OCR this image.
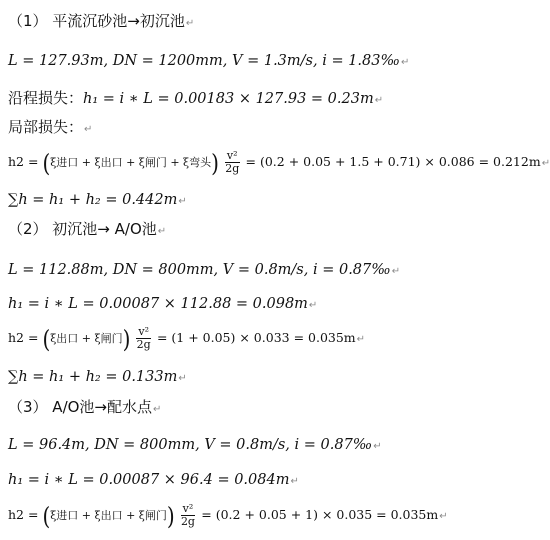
（1） 平流沉砂池→初沉池↵
L = 127.93m, DN = 1200mm, V = 1.3m/s, i = 1.83‰↵
沿程损失：h₁ = i ∗ L = 0.00183 × 127.93 = 0.23m↵
局部损失：↵
h2 = (ξ进口 + ξ出口 + ξ闸门 + ξ弯头) $\frac{\text{v²}}{2g} = (0.2 + 0.05 + 1.5 + 0.71) \times 0.086$ = 0.212m↵
∑h = h₁ + h₂ = 0.442m↵
（2） 初沉池→ A/O池↵
L = 112.88m, DN = 800mm, V = 0.8m/s, i = 0.87‰↵
h₁ = i ∗ L = 0.00087 × 112.88 = 0.098m↵
h2 = (ξ出口 + ξ闸门) $\frac{\text{v²}}{2g} = (1 + 0.05) \times 0.033$ = 0.035m↵
∑h = h₁ + h₂ = 0.133m↵
（3） A/O池→配水点↵
L = 96.4m, DN = 800mm, V = 0.8m/s, i = 0.87‰↵
h₁ = i ∗ L = 0.00087 × 96.4 = 0.084m↵
h2 = (ξ进口 + ξ出口 + ξ闸门) $\frac{\text{v²}}{2g} = (0.2 + 0.05 + 1) \times 0.035$ = 0.035m↵
